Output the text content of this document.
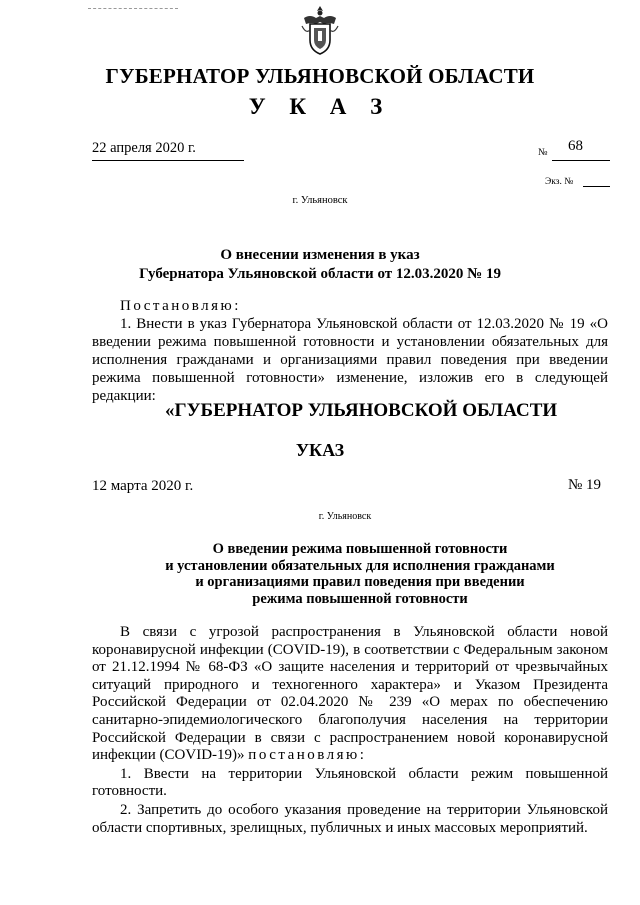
ГУБЕРНАТОР УЛЬЯНОВСКОЙ ОБЛАСТИ
У К А З
22 апреля 2020 г.	№ 68
Экз. №
г. Ульяновск
О внесении изменения в указ
Губернатора Ульяновской области от 12.03.2020 № 19

Постановляю:

1. Внести в указ Губернатора Ульяновской области от 12.03.2020 № 19 «О введении режима повышенной готовности и установлении обязательных для исполнения гражданами и организациями правил поведения при введении режима повышенной готовности» изменение, изложив его в следующей редакции:

«ГУБЕРНАТОР УЛЬЯНОВСКОЙ ОБЛАСТИ
УКАЗ
12 марта 2020 г.	№ 19
г. Ульяновск
О введении режима повышенной готовности
и установлении обязательных для исполнения гражданами
и организациями правил поведения при введении
режима повышенной готовности

В связи с угрозой распространения в Ульяновской области новой коронавирусной инфекции (COVID-19), в соответствии с Федеральным законом от 21.12.1994 № 68-ФЗ «О защите населения и территорий от чрезвычайных ситуаций природного и техногенного характера» и Указом Президента Российской Федерации от 02.04.2020 № 239 «О мерах по обеспечению санитарно-эпидемиологического благополучия населения на территории Российской Федерации в связи с распространением новой коронавирусной инфекции (COVID-19)» постановляю:

1. Ввести на территории Ульяновской области режим повышенной готовности.

2. Запретить до особого указания проведение на территории Ульяновской области спортивных, зрелищных, публичных и иных массовых мероприятий.
